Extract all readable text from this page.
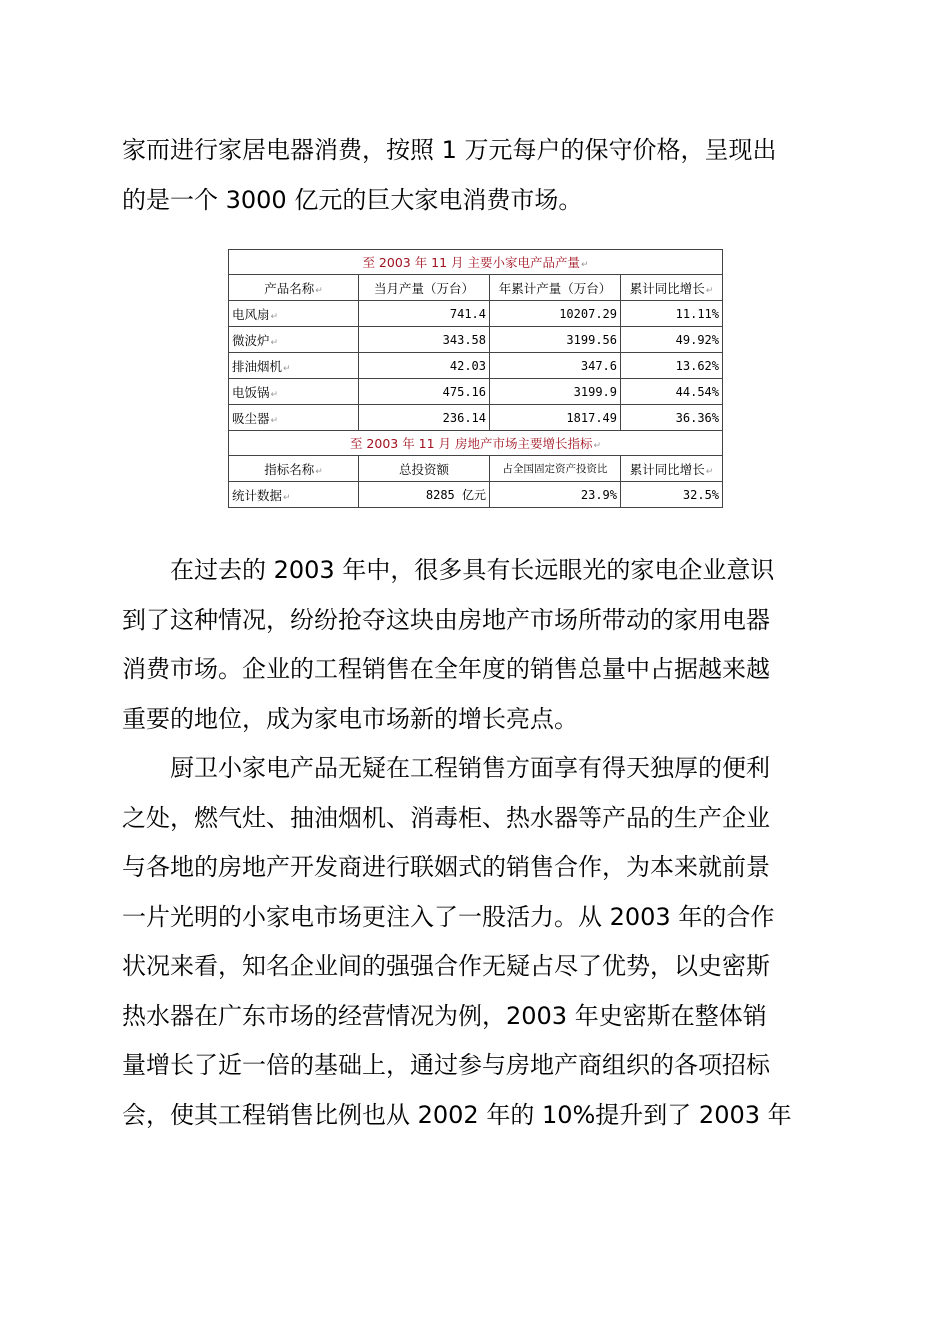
家而进行家居电器消费，按照 1 万元每户的保守价格，呈现出
的是一个 3000 亿元的巨大家电消费市场。

至 2003 年 11 月 主要小家电产品产量↵			
产品名称↵	当月产量（万台）	年累计产量（万台）	累计同比增长↵
电风扇↵	741.4	10207.29	11.11%
微波炉↵	343.58	3199.56	49.92%
排油烟机↵	42.03	347.6	13.62%
电饭锅↵	475.16	3199.9	44.54%
吸尘器↵	236.14	1817.49	36.36%
至 2003 年 11 月 房地产市场主要增长指标↵			
指标名称↵	总投资额	占全国固定资产投资比	累计同比增长↵
统计数据↵	8285 亿元	23.9%	32.5%

在过去的 2003 年中，很多具有长远眼光的家电企业意识
到了这种情况，纷纷抢夺这块由房地产市场所带动的家用电器
消费市场。企业的工程销售在全年度的销售总量中占据越来越
重要的地位，成为家电市场新的增长亮点。

厨卫小家电产品无疑在工程销售方面享有得天独厚的便利
之处，燃气灶、抽油烟机、消毒柜、热水器等产品的生产企业
与各地的房地产开发商进行联姻式的销售合作，为本来就前景
一片光明的小家电市场更注入了一股活力。从 2003 年的合作
状况来看，知名企业间的强强合作无疑占尽了优势，以史密斯
热水器在广东市场的经营情况为例，2003 年史密斯在整体销
量增长了近一倍的基础上，通过参与房地产商组织的各项招标
会，使其工程销售比例也从 2002 年的 10%提升到了 2003 年
